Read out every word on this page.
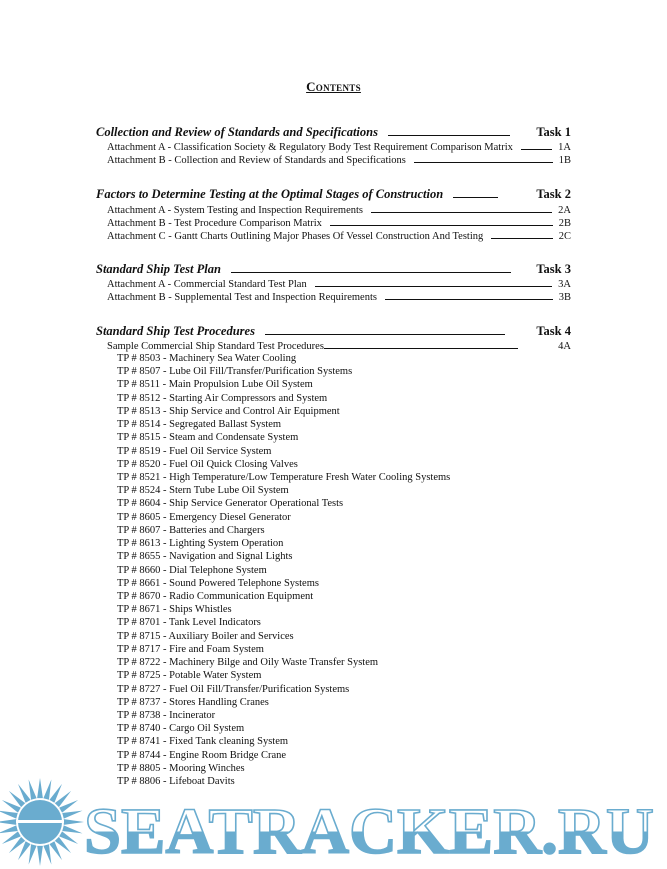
Contents
Collection and Review of Standards and Specifications	Task 1
Attachment A - Classification Society & Regulatory Body Test Requirement Comparison Matrix	1A
Attachment B - Collection and Review of Standards and Specifications	1B
Factors to Determine Testing at the Optimal Stages of Construction	Task 2
Attachment A - System Testing and Inspection Requirements	2A
Attachment B - Test Procedure Comparison Matrix	2B
Attachment C - Gantt Charts Outlining Major Phases Of Vessel Construction And Testing	2C
Standard Ship Test Plan	Task 3
Attachment A - Commercial Standard Test Plan	3A
Attachment B - Supplemental Test and Inspection Requirements	3B
Standard Ship Test Procedures	Task 4
Sample Commercial Ship Standard Test Procedures	4A
TP # 8503 - Machinery Sea Water Cooling
TP # 8507 - Lube Oil Fill/Transfer/Purification Systems
TP # 8511 - Main Propulsion Lube Oil System
TP # 8512 - Starting Air Compressors and System
TP # 8513 - Ship Service and Control Air Equipment
TP # 8514 - Segregated Ballast System
TP # 8515 - Steam and Condensate System
TP # 8519 - Fuel Oil Service System
TP # 8520 - Fuel Oil Quick Closing Valves
TP # 8521 - High Temperature/Low Temperature Fresh Water Cooling Systems
TP # 8524 - Stern Tube Lube Oil System
TP # 8604 - Ship Service Generator Operational Tests
TP # 8605 - Emergency Diesel Generator
TP # 8607 - Batteries and Chargers
TP # 8613 - Lighting System Operation
TP # 8655 - Navigation and Signal Lights
TP # 8660 - Dial Telephone System
TP # 8661 - Sound Powered Telephone Systems
TP # 8670 - Radio Communication Equipment
TP # 8671 - Ships Whistles
TP # 8701 - Tank Level Indicators
TP # 8715 - Auxiliary Boiler and Services
TP # 8717 - Fire and Foam System
TP # 8722 - Machinery Bilge and Oily Waste Transfer System
TP # 8725 - Potable Water System
TP # 8727 - Fuel Oil Fill/Transfer/Purification Systems
TP # 8737 - Stores Handling Cranes
TP # 8738 - Incinerator
TP # 8740 - Cargo Oil System
TP # 8741 - Fixed Tank cleaning System
TP # 8744 - Engine Room Bridge Crane
TP # 8805 - Mooring Winches
TP # 8806 - Lifeboat Davits
SEATRACKER.RU
